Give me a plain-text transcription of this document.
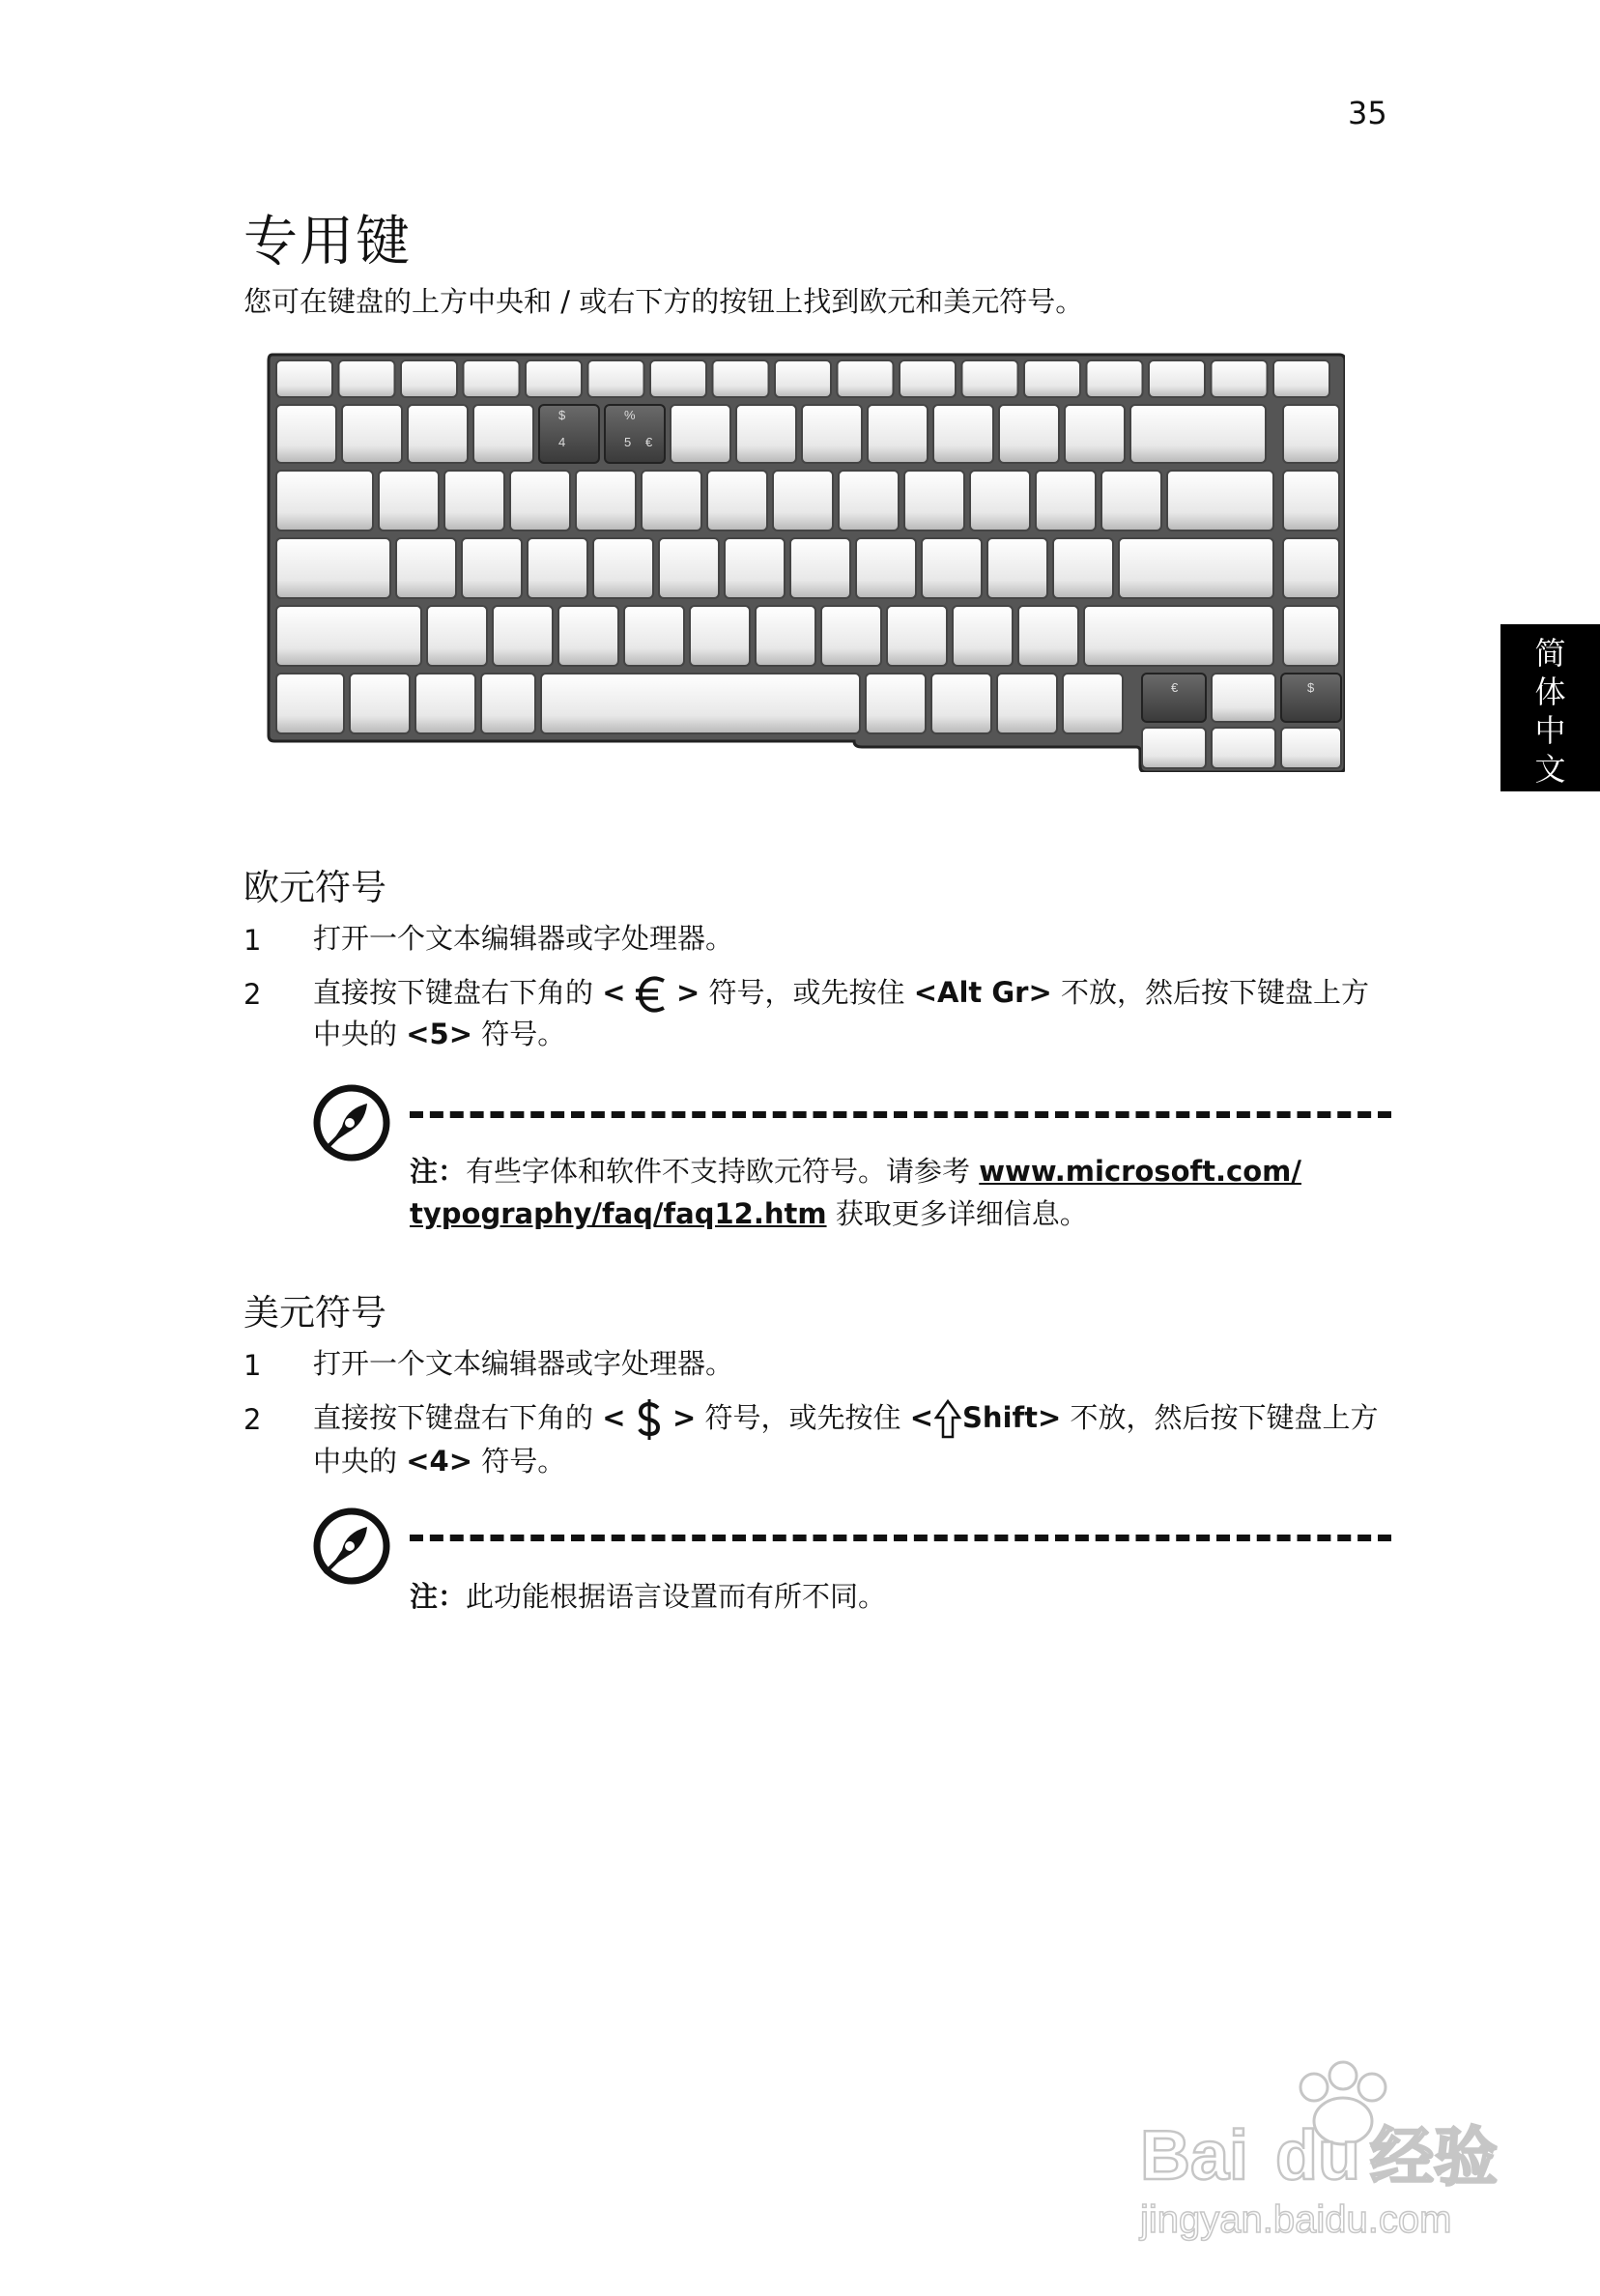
35
简
体
中
文
专用键
您可在键盘的上方中央和 / 或右下方的按钮上找到欧元和美元符号。
$
4
%
5 €
€	$
欧元符号
1 打开一个文本编辑器或字处理器。
2 直接按下键盘右下角的 < > 符号，或先按住 <Alt Gr> 不放，然后按下键盘上方中央的 <5> 符号。
注：有些字体和软件不支持欧元符号。请参考 www.microsoft.com/
typography/faq/faq12.htm 获取更多详细信息。
美元符号
1 打开一个文本编辑器或字处理器。
2 直接按下键盘右下角的 < > 符号，或先按住 < Shift> 不放，然后按下键盘上方中央的 <4> 符号。
注：此功能根据语言设置而有所不同。
Bai du 经验
jingyan.baidu.com
